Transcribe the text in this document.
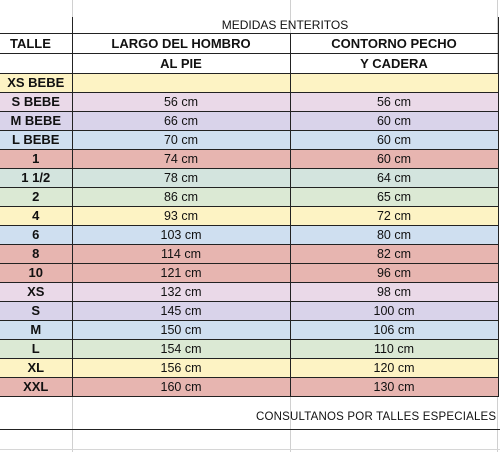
	MEDIDAS ENTERITOS	
TALLE	LARGO DEL HOMBRO	CONTORNO PECHO
	AL PIE	Y CADERA
XS BEBE		
S BEBE	56 cm	56 cm
M BEBE	66 cm	60 cm
L BEBE	70 cm	60 cm
1	74 cm	60 cm
1 1/2	78 cm	64 cm
2	86 cm	65 cm
4	93 cm	72 cm
6	103 cm	80 cm
8	114 cm	82 cm
10	121 cm	96 cm
XS	132 cm	98 cm
S	145 cm	100 cm
M	150 cm	106 cm
L	154 cm	110 cm
XL	156 cm	120 cm
XXL	160 cm	130 cm
CONSULTANOS POR TALLES ESPECIALES
